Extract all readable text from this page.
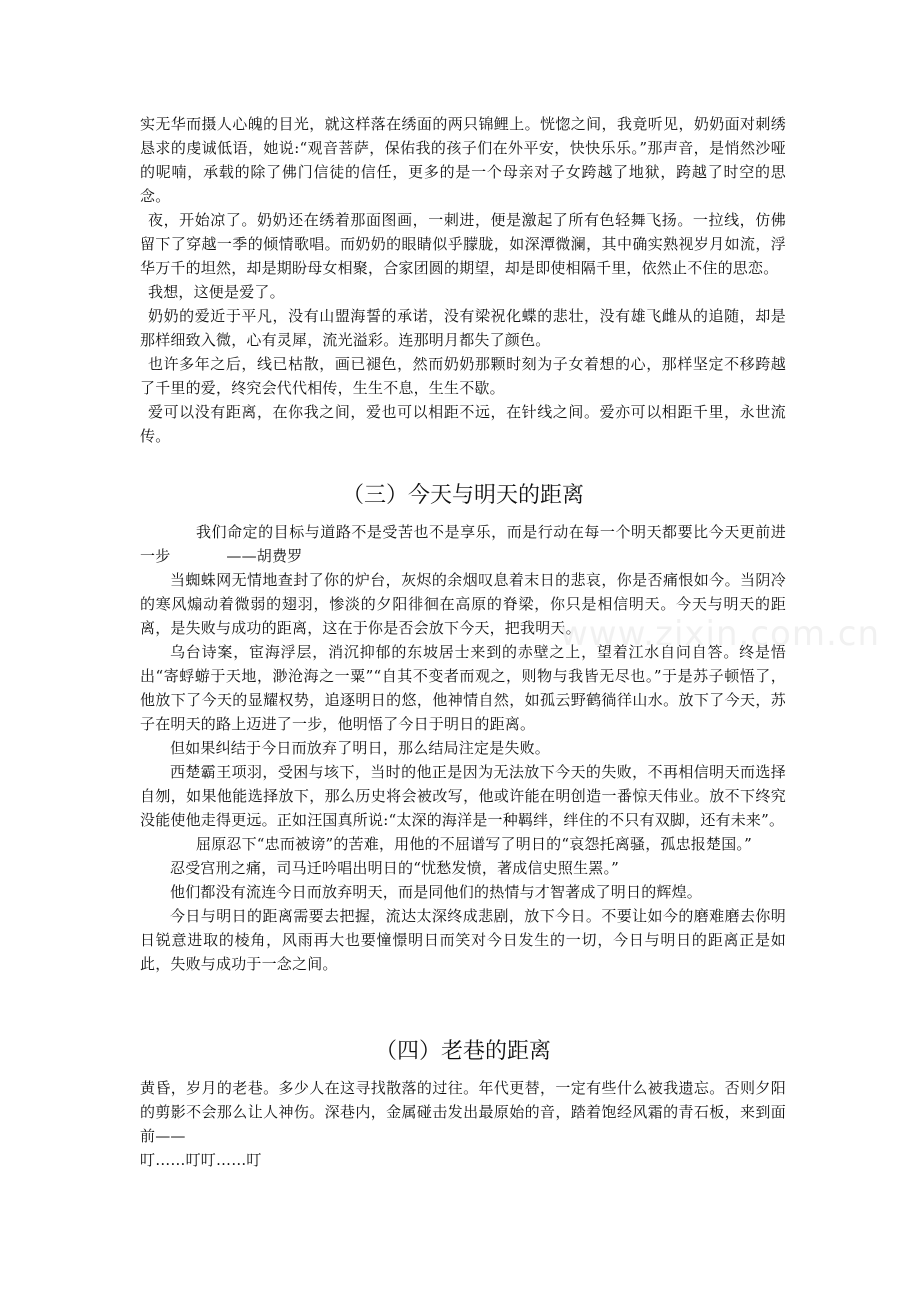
实无华而摄人心魄的目光，就这样落在绣面的两只锦鲤上。恍惚之间，我竟听见，奶奶面对刺绣恳求的虔诚低语，她说:“观音菩萨，保佑我的孩子们在外平安，快快乐乐。”那声音，是悄然沙哑的呢喃，承载的除了佛门信徒的信任，更多的是一个母亲对子女跨越了地狱，跨越了时空的思念。

夜，开始凉了。奶奶还在绣着那面图画，一刺进，便是激起了所有色轻舞飞扬。一拉线，仿佛留下了穿越一季的倾情歌唱。而奶奶的眼睛似乎朦胧，如深潭微澜，其中确实熟视岁月如流，浮华万千的坦然，却是期盼母女相聚，合家团圆的期望，却是即使相隔千里，依然止不住的思恋。

我想，这便是爱了。

奶奶的爱近于平凡，没有山盟海誓的承诺，没有梁祝化蝶的悲壮，没有雄飞雌从的追随，却是那样细致入微，心有灵犀，流光溢彩。连那明月都失了颜色。

也许多年之后，线已枯散，画已褪色，然而奶奶那颗时刻为子女着想的心，那样坚定不移跨越了千里的爱，终究会代代相传，生生不息，生生不歇。

爱可以没有距离，在你我之间，爱也可以相距不远，在针线之间。爱亦可以相距千里，永世流传。

（三）今天与明天的距离

我们命定的目标与道路不是受苦也不是享乐，而是行动在每一个明天都要比今天更前进一步	——胡费罗

当蜘蛛网无情地查封了你的炉台，灰烬的余烟叹息着末日的悲哀，你是否痛恨如今。当阴冷的寒风煽动着微弱的翅羽，惨淡的夕阳徘徊在高原的脊梁，你只是相信明天。今天与明天的距离，是失败与成功的距离，这在于你是否会放下今天，把我明天。

乌台诗案，宦海浮层，消沉抑郁的东坡居士来到的赤壁之上，望着江水自问自答。终是悟出“寄蜉蝣于天地，渺沧海之一粟”“自其不变者而观之，则物与我皆无尽也。”于是苏子顿悟了，他放下了今天的显耀权势，追逐明日的悠，他神情自然，如孤云野鹤徜徉山水。放下了今天，苏子在明天的路上迈进了一步，他明悟了今日于明日的距离。

但如果纠结于今日而放弃了明日，那么结局注定是失败。

西楚霸王项羽，受困与垓下，当时的他正是因为无法放下今天的失败，不再相信明天而选择自刎，如果他能选择放下，那么历史将会被改写，他或许能在明创造一番惊天伟业。放不下终究没能使他走得更远。正如汪国真所说:“太深的海洋是一种羁绊，绊住的不只有双脚，还有未来”。

屈原忍下“忠而被谤”的苦难，用他的不屈谱写了明日的“哀怨托离骚，孤忠报楚国。”

忍受宫刑之痛，司马迁吟唱出明日的“忧愁发愤，著成信史照生罴。”

他们都没有流连今日而放弃明天，而是同他们的热情与才智著成了明日的辉煌。

今日与明日的距离需要去把握，流达太深终成悲剧，放下今日。不要让如今的磨难磨去你明日锐意进取的棱角，风雨再大也要憧憬明日而笑对今日发生的一切，今日与明日的距离正是如此，失败与成功于一念之间。

（四）老巷的距离

黄昏，岁月的老巷。多少人在这寻找散落的过往。年代更替，一定有些什么被我遗忘。否则夕阳的剪影不会那么让人神伤。深巷内，金属碰击发出最原始的音，踏着饱经风霜的青石板，来到面前——

叮……叮叮……叮

www.zixin.com.cn
